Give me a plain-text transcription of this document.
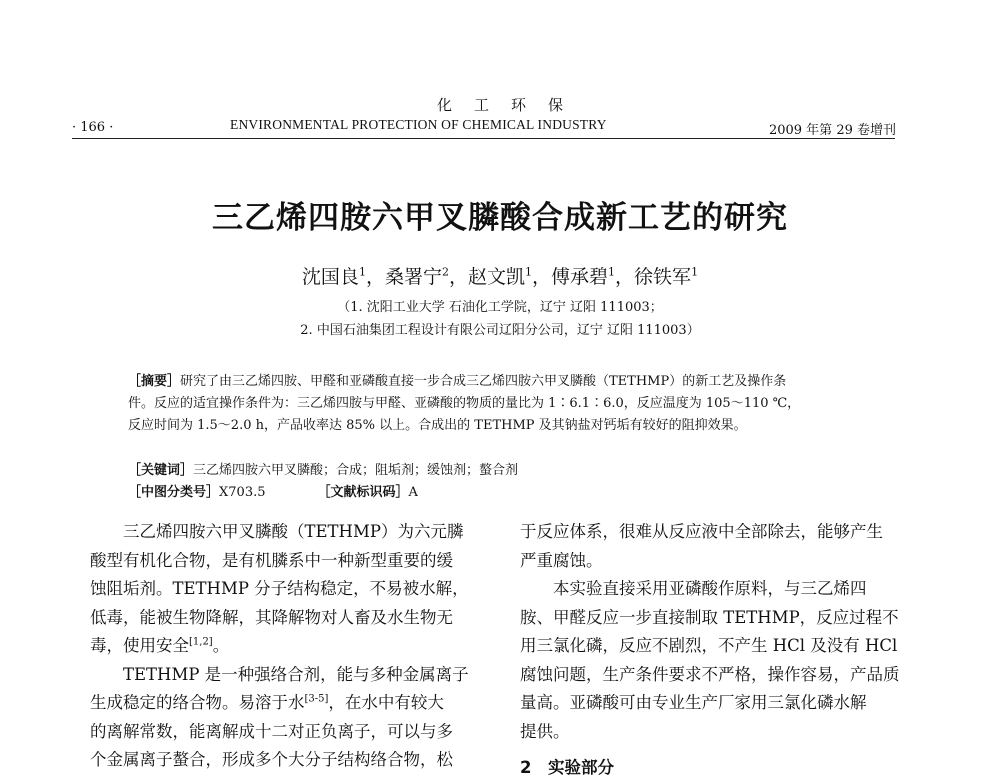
化工环保
· 166 ·	ENVIRONMENTAL PROTECTION OF CHEMICAL INDUSTRY	2009 年第 29 卷增刊
三乙烯四胺六甲叉膦酸合成新工艺的研究
沈国良$^1$，桑署宁$^2$，赵文凯$^1$，傅承碧$^1$，徐铁军$^1$
（1. 沈阳工业大学 石油化工学院，辽宁 辽阳 111003；
2. 中国石油集团工程设计有限公司辽阳分公司，辽宁 辽阳 111003）
［摘要］研究了由三乙烯四胺、甲醛和亚磷酸直接一步合成三乙烯四胺六甲叉膦酸（TETHMP）的新工艺及操作条
件。反应的适宜操作条件为：三乙烯四胺与甲醛、亚磷酸的物质的量比为 1∶6.1∶6.0，反应温度为 105～110 ℃，
反应时间为 1.5～2.0 h，产品收率达 85% 以上。合成出的 TETHMP 及其钠盐对钙垢有较好的阻抑效果。
［关键词］三乙烯四胺六甲叉膦酸；合成；阻垢剂；缓蚀剂；螯合剂
［中图分类号］X703.5	［文献标识码］A
　　三乙烯四胺六甲叉膦酸（TETHMP）为六元膦
酸型有机化合物，是有机膦系中一种新型重要的缓
蚀阻垢剂。TETHMP 分子结构稳定，不易被水解，
低毒，能被生物降解，其降解物对人畜及水生物无
毒，使用安全[1,2]。
　　TETHMP 是一种强络合剂，能与多种金属离子
生成稳定的络合物。易溶于水[3-5]，在水中有较大
的离解常数，能离解成十二对正负离子，可以与多
个金属离子螯合，形成多个大分子结构络合物，松
于反应体系，很难从反应液中全部除去，能够产生
严重腐蚀。
　　本实验直接采用亚磷酸作原料，与三乙烯四
胺、甲醛反应一步直接制取 TETHMP，反应过程不
用三氯化磷，反应不剧烈，不产生 HCl 及没有 HCl
腐蚀问题，生产条件要求不严格，操作容易，产品质
量高。亚磷酸可由专业生产厂家用三氯化磷水解
提供。
2　实验部分
